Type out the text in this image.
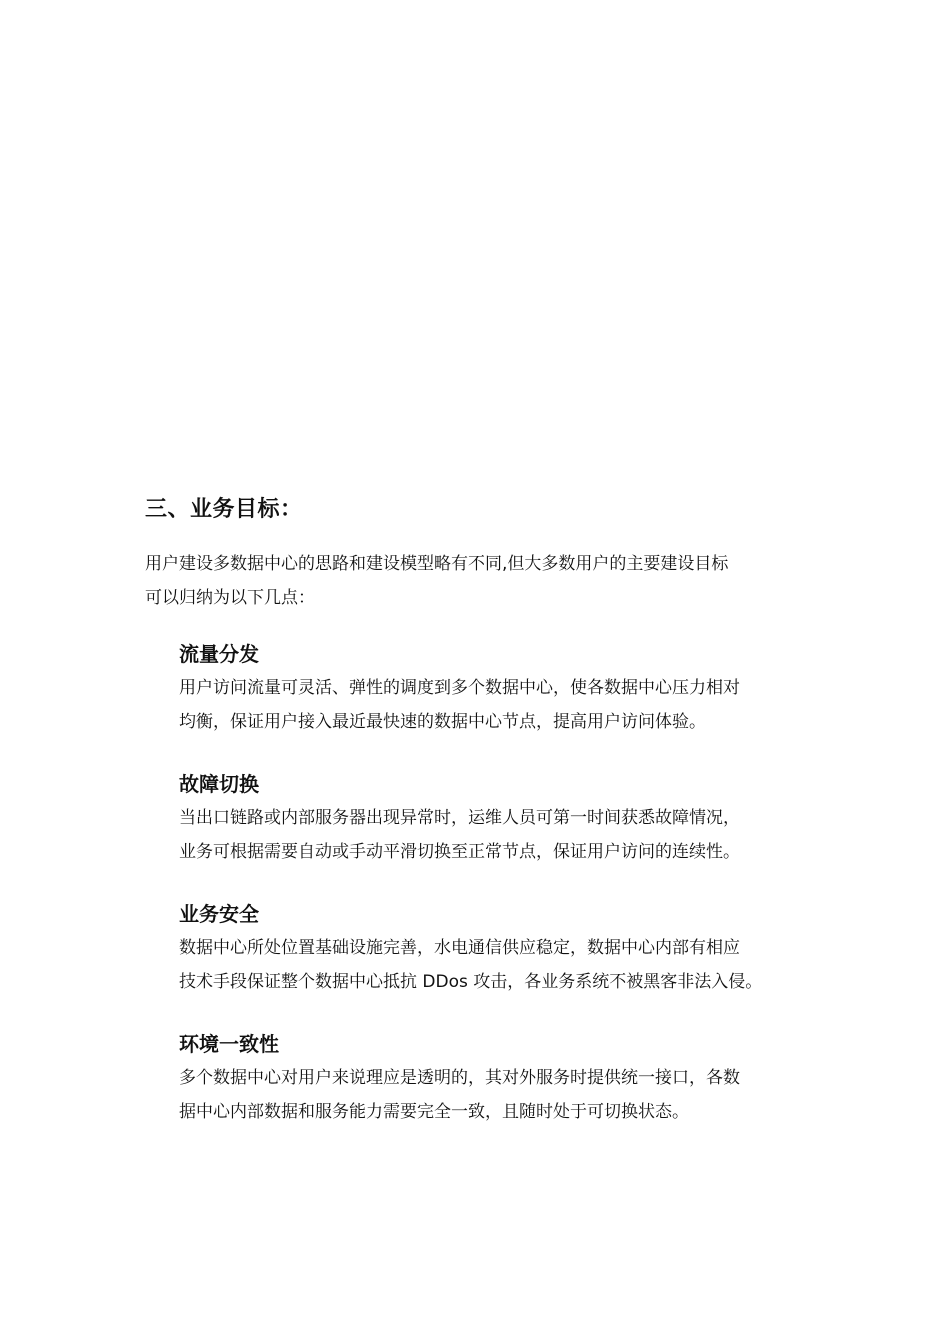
三、业务目标：

用户建设多数据中心的思路和建设模型略有不同,但大多数用户的主要建设目标
可以归纳为以下几点：

流量分发

用户访问流量可灵活、弹性的调度到多个数据中心，使各数据中心压力相对
均衡，保证用户接入最近最快速的数据中心节点，提高用户访问体验。

故障切换

当出口链路或内部服务器出现异常时，运维人员可第一时间获悉故障情况，
业务可根据需要自动或手动平滑切换至正常节点，保证用户访问的连续性。

业务安全

数据中心所处位置基础设施完善，水电通信供应稳定，数据中心内部有相应
技术手段保证整个数据中心抵抗 DDos 攻击，各业务系统不被黑客非法入侵。

环境一致性

多个数据中心对用户来说理应是透明的，其对外服务时提供统一接口，各数
据中心内部数据和服务能力需要完全一致，且随时处于可切换状态。
